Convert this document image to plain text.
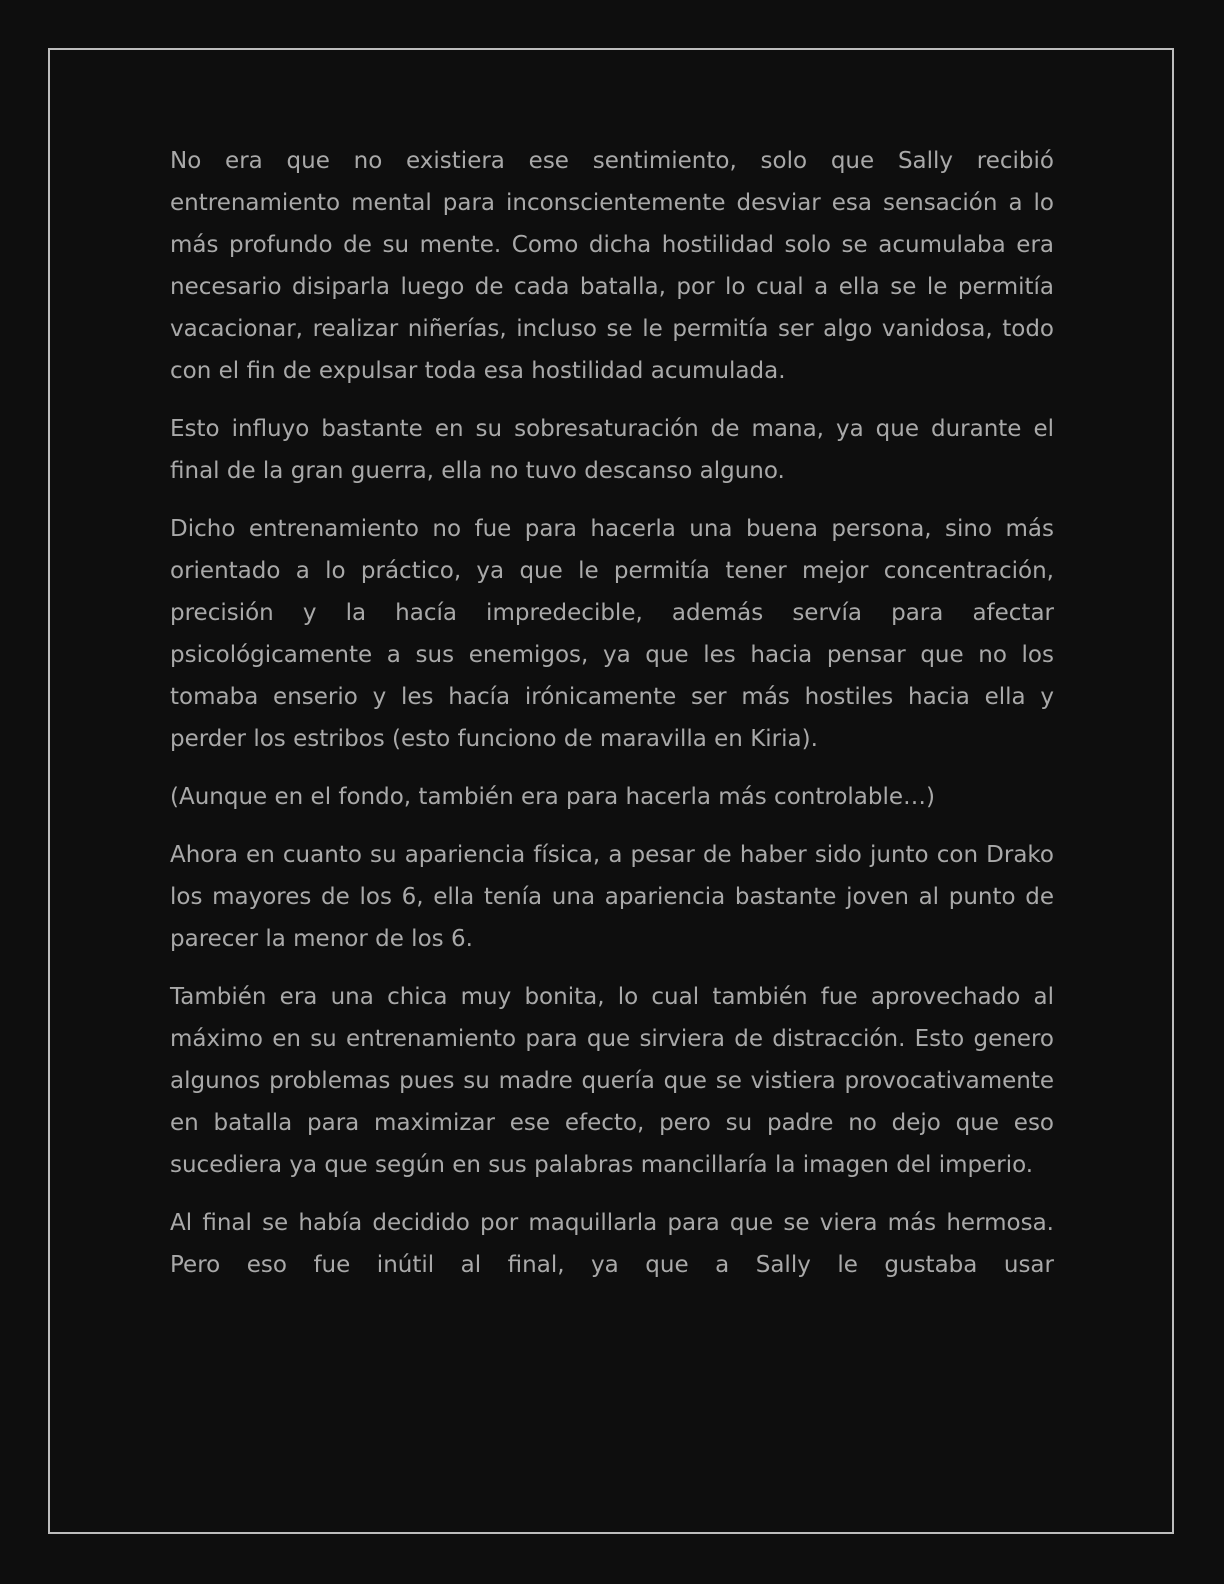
No era que no existiera ese sentimiento, solo que Sally recibió entrenamiento mental para inconscientemente desviar esa sensación a lo más profundo de su mente. Como dicha hostilidad solo se acumulaba era necesario disiparla luego de cada batalla, por lo cual a ella se le permitía vacacionar, realizar niñerías, incluso se le permitía ser algo vanidosa, todo con el fin de expulsar toda esa hostilidad acumulada.

Esto influyo bastante en su sobresaturación de mana, ya que durante el final de la gran guerra, ella no tuvo descanso alguno.

Dicho entrenamiento no fue para hacerla una buena persona, sino más orientado a lo práctico, ya que le permitía tener mejor concentración, precisión y la hacía impredecible, además servía para afectar psicológicamente a sus enemigos, ya que les hacia pensar que no los tomaba enserio y les hacía irónicamente ser más hostiles hacia ella y perder los estribos (esto funciono de maravilla en Kiria).

(Aunque en el fondo, también era para hacerla más controlable…)

Ahora en cuanto su apariencia física, a pesar de haber sido junto con Drako los mayores de los 6, ella tenía una apariencia bastante joven al punto de parecer la menor de los 6.

También era una chica muy bonita, lo cual también fue aprovechado al máximo en su entrenamiento para que sirviera de distracción. Esto genero algunos problemas pues su madre quería que se vistiera provocativamente en batalla para maximizar ese efecto, pero su padre no dejo que eso sucediera ya que según en sus palabras mancillaría la imagen del imperio.

Al final se había decidido por maquillarla para que se viera más hermosa. Pero eso fue inútil al final, ya que a Sally le gustaba usar
